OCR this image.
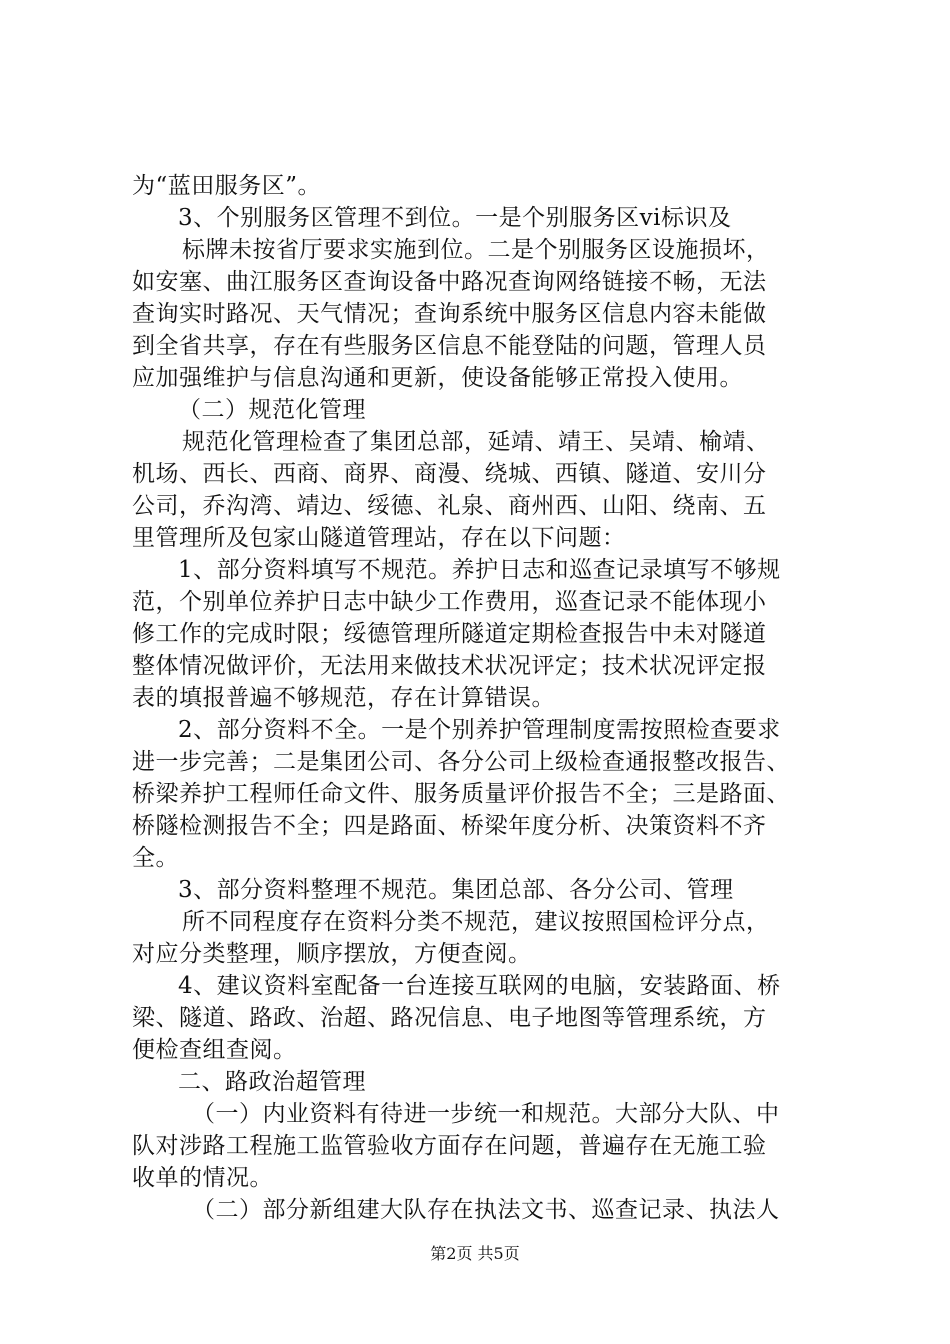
为“蓝田服务区”。
3、个别服务区管理不到位。一是个别服务区vi标识及
标牌未按省厅要求实施到位。二是个别服务区设施损坏，
如安塞、曲江服务区查询设备中路况查询网络链接不畅，无法
查询实时路况、天气情况；查询系统中服务区信息内容未能做
到全省共享，存在有些服务区信息不能登陆的问题，管理人员
应加强维护与信息沟通和更新，使设备能够正常投入使用。
（二）规范化管理
规范化管理检查了集团总部，延靖、靖王、吴靖、榆靖、
机场、西长、西商、商界、商漫、绕城、西镇、隧道、安川分
公司，乔沟湾、靖边、绥德、礼泉、商州西、山阳、绕南、五
里管理所及包家山隧道管理站，存在以下问题：
1、部分资料填写不规范。养护日志和巡查记录填写不够规
范，个别单位养护日志中缺少工作费用，巡查记录不能体现小
修工作的完成时限；绥德管理所隧道定期检查报告中未对隧道
整体情况做评价，无法用来做技术状况评定；技术状况评定报
表的填报普遍不够规范，存在计算错误。
2、部分资料不全。一是个别养护管理制度需按照检查要求
进一步完善；二是集团公司、各分公司上级检查通报整改报告、
桥梁养护工程师任命文件、服务质量评价报告不全；三是路面、
桥隧检测报告不全；四是路面、桥梁年度分析、决策资料不齐
全。
3、部分资料整理不规范。集团总部、各分公司、管理
所不同程度存在资料分类不规范，建议按照国检评分点，
对应分类整理，顺序摆放，方便查阅。
4、建议资料室配备一台连接互联网的电脑，安装路面、桥
梁、隧道、路政、治超、路况信息、电子地图等管理系统，方
便检查组查阅。
二、路政治超管理
（一）内业资料有待进一步统一和规范。大部分大队、中
队对涉路工程施工监管验收方面存在问题，普遍存在无施工验
收单的情况。
（二）部分新组建大队存在执法文书、巡查记录、执法人
第2页 共5页
